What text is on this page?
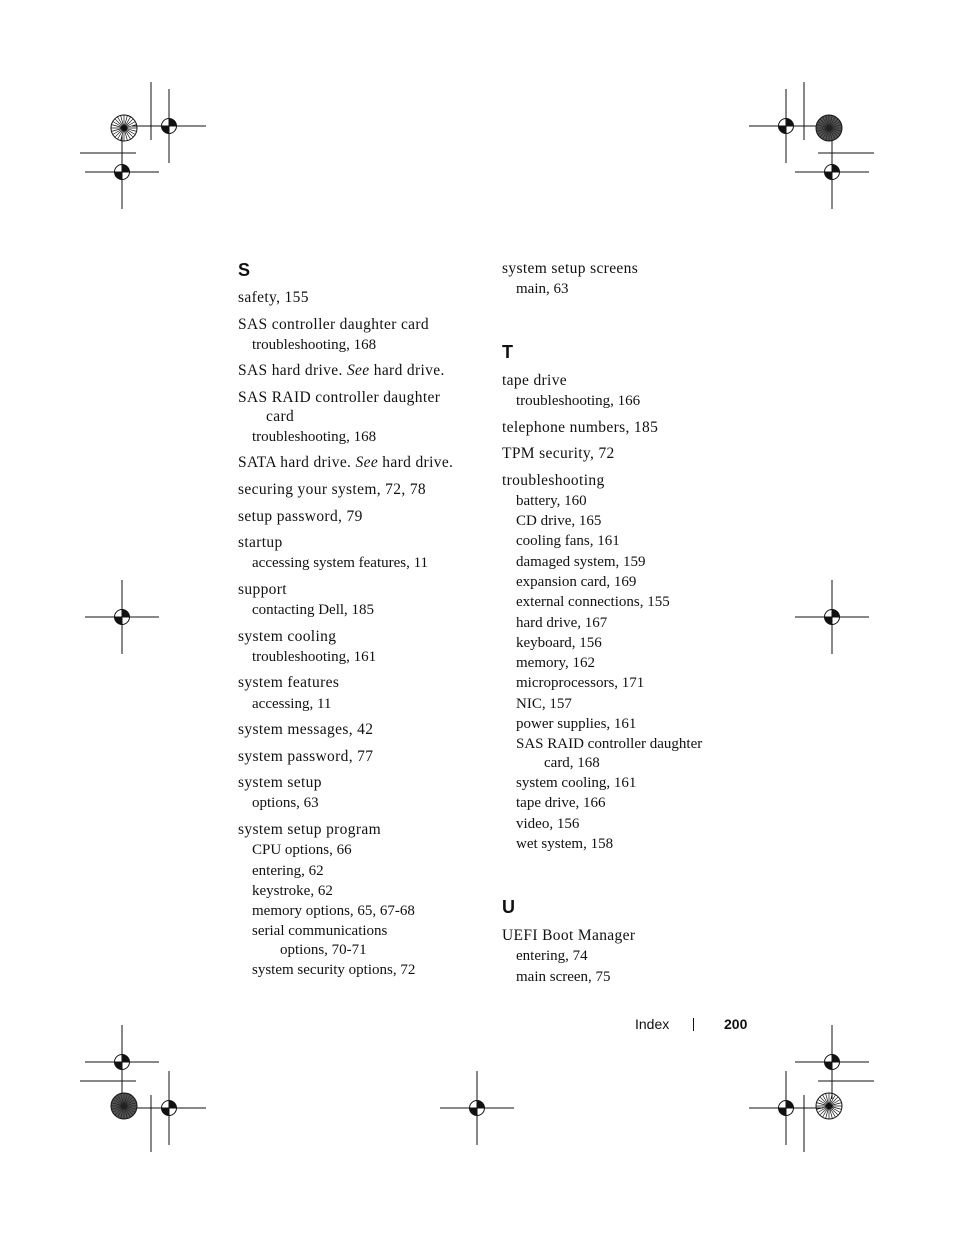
S
safety, 155
SAS controller daughter card
troubleshooting, 168
SAS hard drive. See hard drive.
SAS RAID controller daughter
card
troubleshooting, 168
SATA hard drive. See hard drive.
securing your system, 72, 78
setup password, 79
startup
accessing system features, 11
support
contacting Dell, 185
system cooling
troubleshooting, 161
system features
accessing, 11
system messages, 42
system password, 77
system setup
options, 63
system setup program
CPU options, 66
entering, 62
keystroke, 62
memory options, 65, 67-68
serial communications
options, 70-71
system security options, 72
system setup screens
main, 63
T
tape drive
troubleshooting, 166
telephone numbers, 185
TPM security, 72
troubleshooting
battery, 160
CD drive, 165
cooling fans, 161
damaged system, 159
expansion card, 169
external connections, 155
hard drive, 167
keyboard, 156
memory, 162
microprocessors, 171
NIC, 157
power supplies, 161
SAS RAID controller daughter
card, 168
system cooling, 161
tape drive, 166
video, 156
wet system, 158
U
UEFI Boot Manager
entering, 74
main screen, 75
Index	200
